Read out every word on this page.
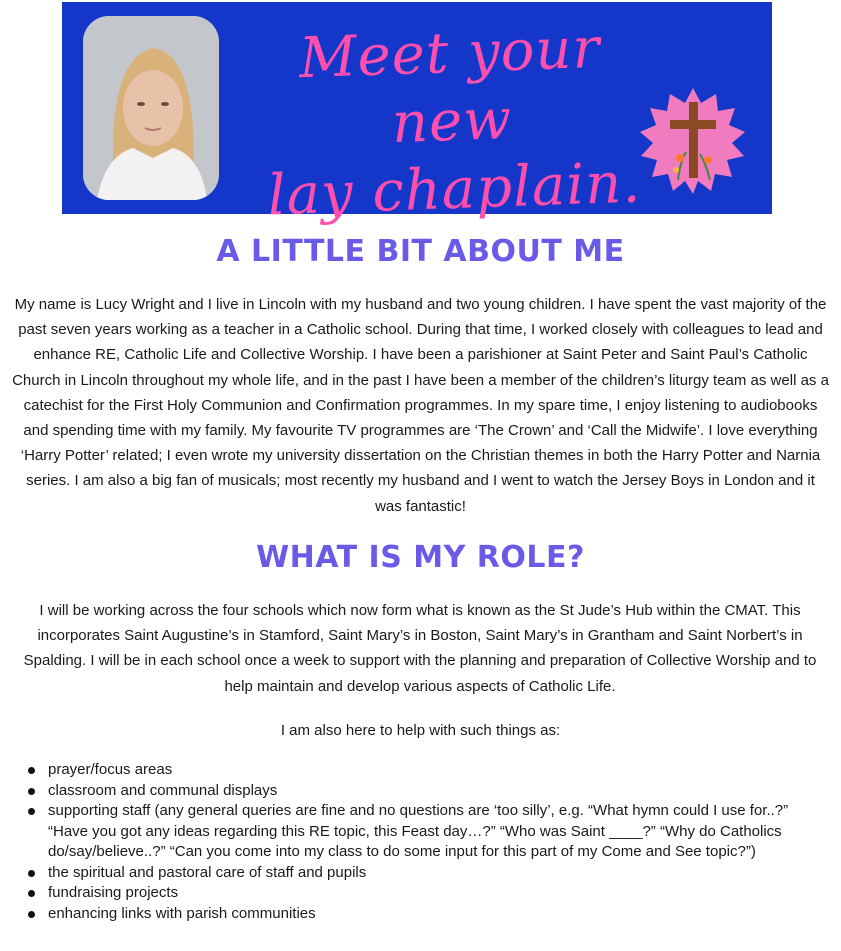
Meet your new
lay chaplain.
A LITTLE BIT ABOUT ME

My name is Lucy Wright and I live in Lincoln with my husband and two young children. I have spent the vast majority of the past seven years working as a teacher in a Catholic school. During that time, I worked closely with colleagues to lead and enhance RE, Catholic Life and Collective Worship. I have been a parishioner at Saint Peter and Saint Paul’s Catholic Church in Lincoln throughout my whole life, and in the past I have been a member of the children’s liturgy team as well as a catechist for the First Holy Communion and Confirmation programmes. In my spare time, I enjoy listening to audiobooks and spending time with my family. My favourite TV programmes are ‘The Crown’ and ‘Call the Midwife’. I love everything ‘Harry Potter’ related; I even wrote my university dissertation on the Christian themes in both the Harry Potter and Narnia series. I am also a big fan of musicals; most recently my husband and I went to watch the Jersey Boys in London and it was fantastic!

WHAT IS MY ROLE?

I will be working across the four schools which now form what is known as the St Jude’s Hub within the CMAT. This incorporates Saint Augustine’s in Stamford, Saint Mary’s in Boston, Saint Mary’s in Grantham and Saint Norbert’s in Spalding. I will be in each school once a week to support with the planning and preparation of Collective Worship and to help maintain and develop various aspects of Catholic Life.

I am also here to help with such things as:

prayer/focus areas
classroom and communal displays
supporting staff (any general queries are fine and no questions are ‘too silly’, e.g. “What hymn could I use for..?” “Have you got any ideas regarding this RE topic, this Feast day…?” “Who was Saint ____?” “Why do Catholics do/say/believe..?” “Can you come into my class to do some input for this part of my Come and See topic?”)
the spiritual and pastoral care of staff and pupils
fundraising projects
enhancing links with parish communities
